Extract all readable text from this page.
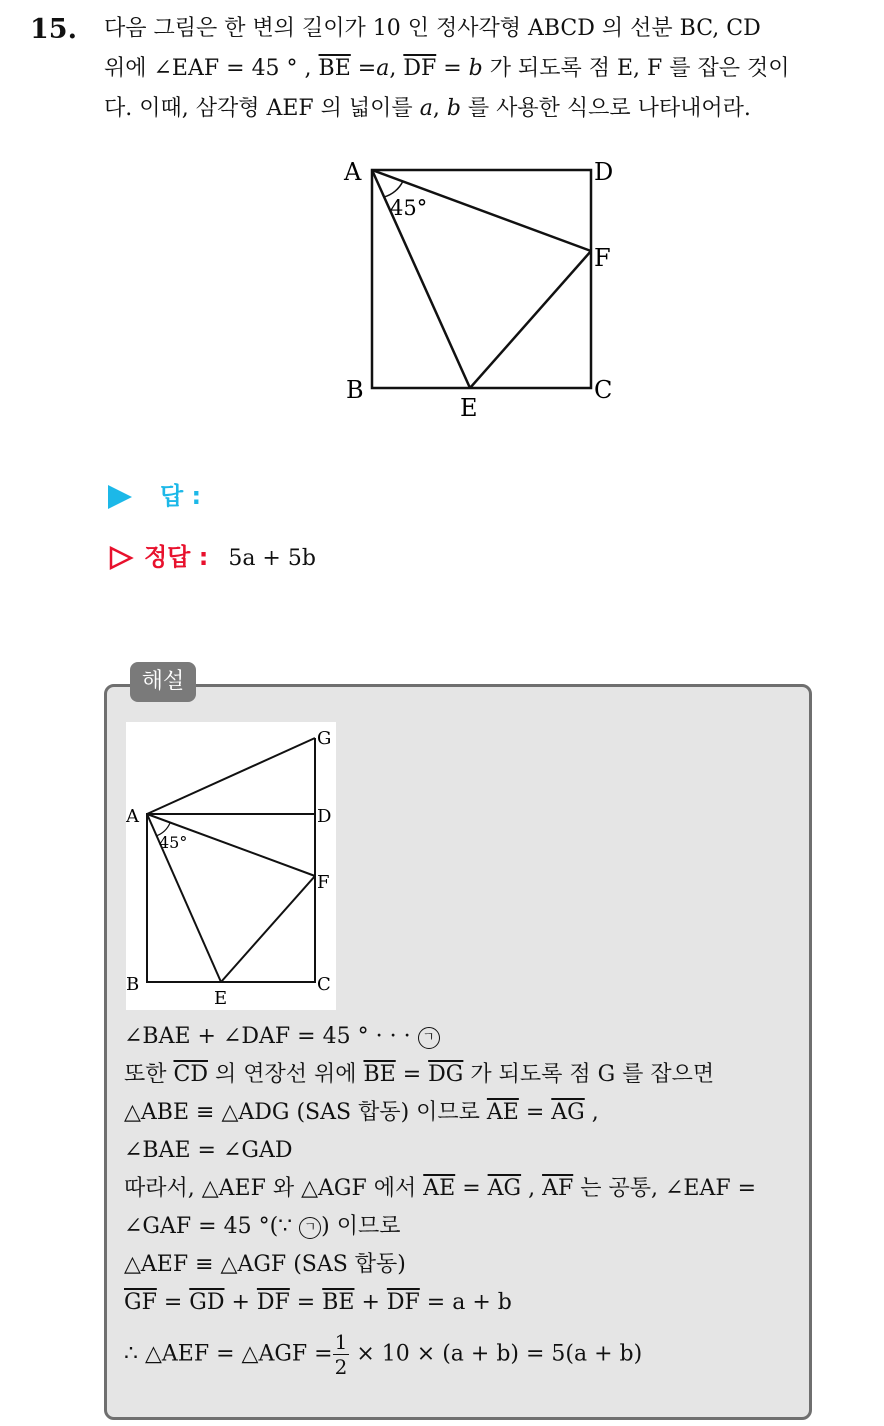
15. 다음 그림은 한 변의 길이가 10 인 정사각형 ABCD 의 선분 BC, CD
위에 ∠EAF = 45 ° , $\overline{BE} =a$, $\overline{DF} = b$ 가 되도록 점 E, F 를 잡은 것이
다. 이때, 삼각형 AEF 의 넓이를 a, b 를 사용한 식으로 나타내어라.
A	D
F
B	C
E
45°
답 :
정답 : 5a + 5b
해설
A
G
D
F
B	C
E
45°
∠BAE + ∠DAF = 45 ° · · · ㄱ
또한 $\overline{CD}$ 의 연장선 위에 $\overline{BE} = \overline{DG}$ 가 되도록 점 G 를 잡으면
△ABE ≡ △ADG (SAS 합동) 이므로 $\overline{AE} = \overline{AG}$ ,
∠BAE = ∠GAD
따라서, △AEF 와 △AGF 에서 $\overline{AE} = \overline{AG}$ , $\overline{AF}$ 는 공통, ∠EAF =
∠GAF = 45 °(∵ ㄱ ) 이므로
△AEF ≡ △AGF (SAS 합동)
$\overline{GF} = \overline{GD} + \overline{DF} = \overline{BE} + \overline{DF} = a + b$
∴ △AEF = △AGF = $\frac{1}{2} \times 10 \times (a + b) = 5(a + b)$
